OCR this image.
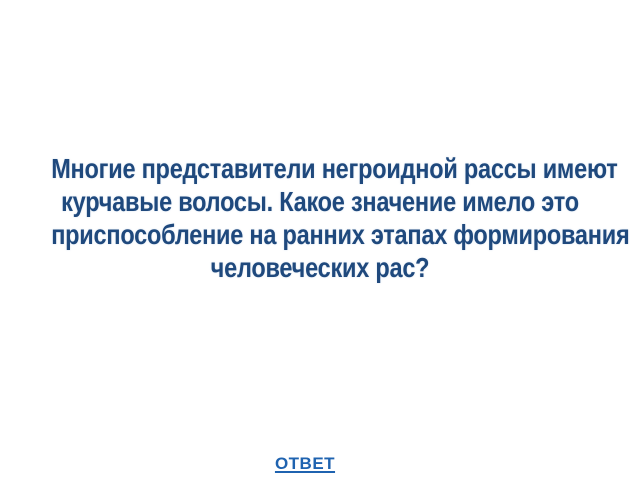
Многие представители негроидной рассы имеют
курчавые волосы. Какое значение имело это
приспособление на ранних этапах формирования
человеческих рас?
ОТВЕТ
